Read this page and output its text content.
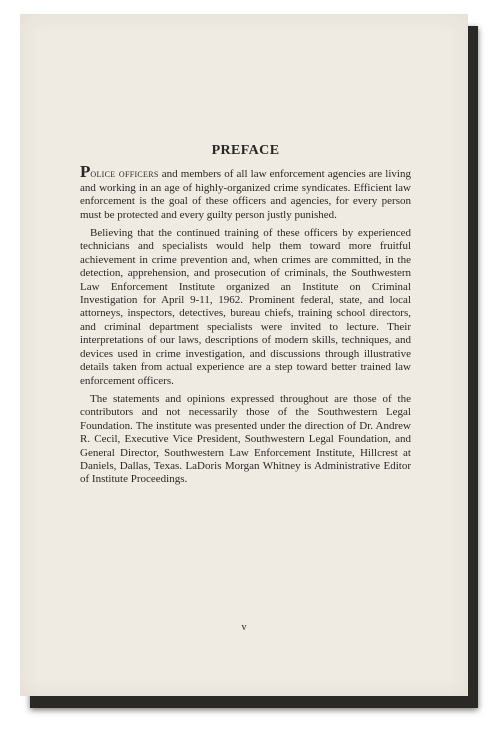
PREFACE

Police officers and members of all law enforcement agencies are living and working in an age of highly-organized crime syndicates. Efficient law enforcement is the goal of these officers and agencies, for every person must be protected and every guilty person justly punished.

Believing that the continued training of these officers by experienced technicians and specialists would help them toward more fruitful achievement in crime prevention and, when crimes are committed, in the detection, apprehension, and prosecution of criminals, the Southwestern Law Enforcement Institute organized an Institute on Criminal Investigation for April 9-11, 1962. Prominent federal, state, and local attorneys, inspectors, detectives, bureau chiefs, training school directors, and criminal department specialists were invited to lecture. Their interpretations of our laws, descriptions of modern skills, techniques, and devices used in crime investigation, and discussions through illustrative details taken from actual experience are a step toward better trained law enforcement officers.

The statements and opinions expressed throughout are those of the contributors and not necessarily those of the Southwestern Legal Foundation. The institute was presented under the direction of Dr. Andrew R. Cecil, Executive Vice President, Southwestern Legal Foundation, and General Director, Southwestern Law Enforcement Institute, Hillcrest at Daniels, Dallas, Texas. LaDoris Morgan Whitney is Administrative Editor of Institute Proceedings.

v
